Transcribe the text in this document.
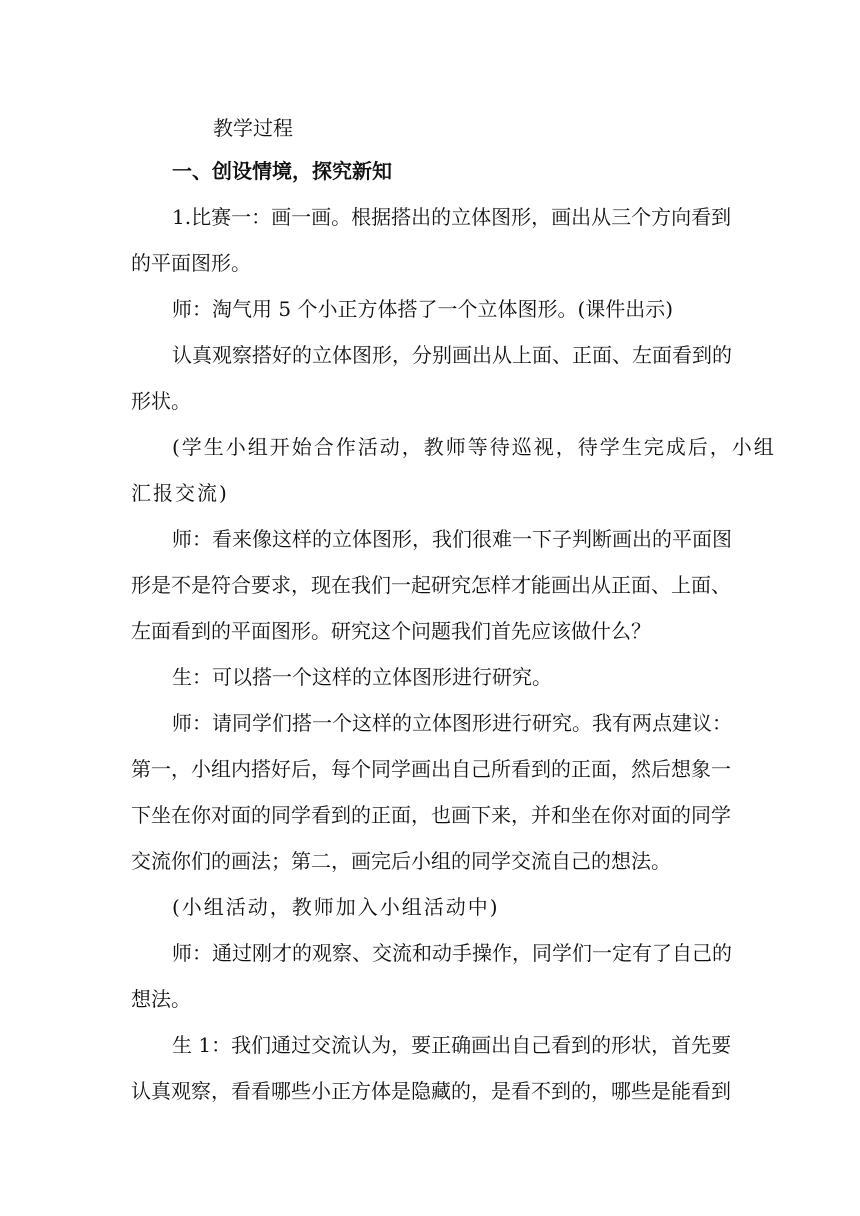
教学过程
一、创设情境，探究新知
1.比赛一：画一画。根据搭出的立体图形，画出从三个方向看到
的平面图形。
师：淘气用 5 个小正方体搭了一个立体图形。(课件出示)
认真观察搭好的立体图形，分别画出从上面、正面、左面看到的
形状。
(学生小组开始合作活动，教师等待巡视，待学生完成后，小组
汇报交流)
师：看来像这样的立体图形，我们很难一下子判断画出的平面图
形是不是符合要求，现在我们一起研究怎样才能画出从正面、上面、
左面看到的平面图形。研究这个问题我们首先应该做什么？
生：可以搭一个这样的立体图形进行研究。
师：请同学们搭一个这样的立体图形进行研究。我有两点建议：
第一，小组内搭好后，每个同学画出自己所看到的正面，然后想象一
下坐在你对面的同学看到的正面，也画下来，并和坐在你对面的同学
交流你们的画法；第二，画完后小组的同学交流自己的想法。
(小组活动，教师加入小组活动中)
师：通过刚才的观察、交流和动手操作，同学们一定有了自己的
想法。
生 1：我们通过交流认为，要正确画出自己看到的形状，首先要
认真观察，看看哪些小正方体是隐藏的，是看不到的，哪些是能看到
